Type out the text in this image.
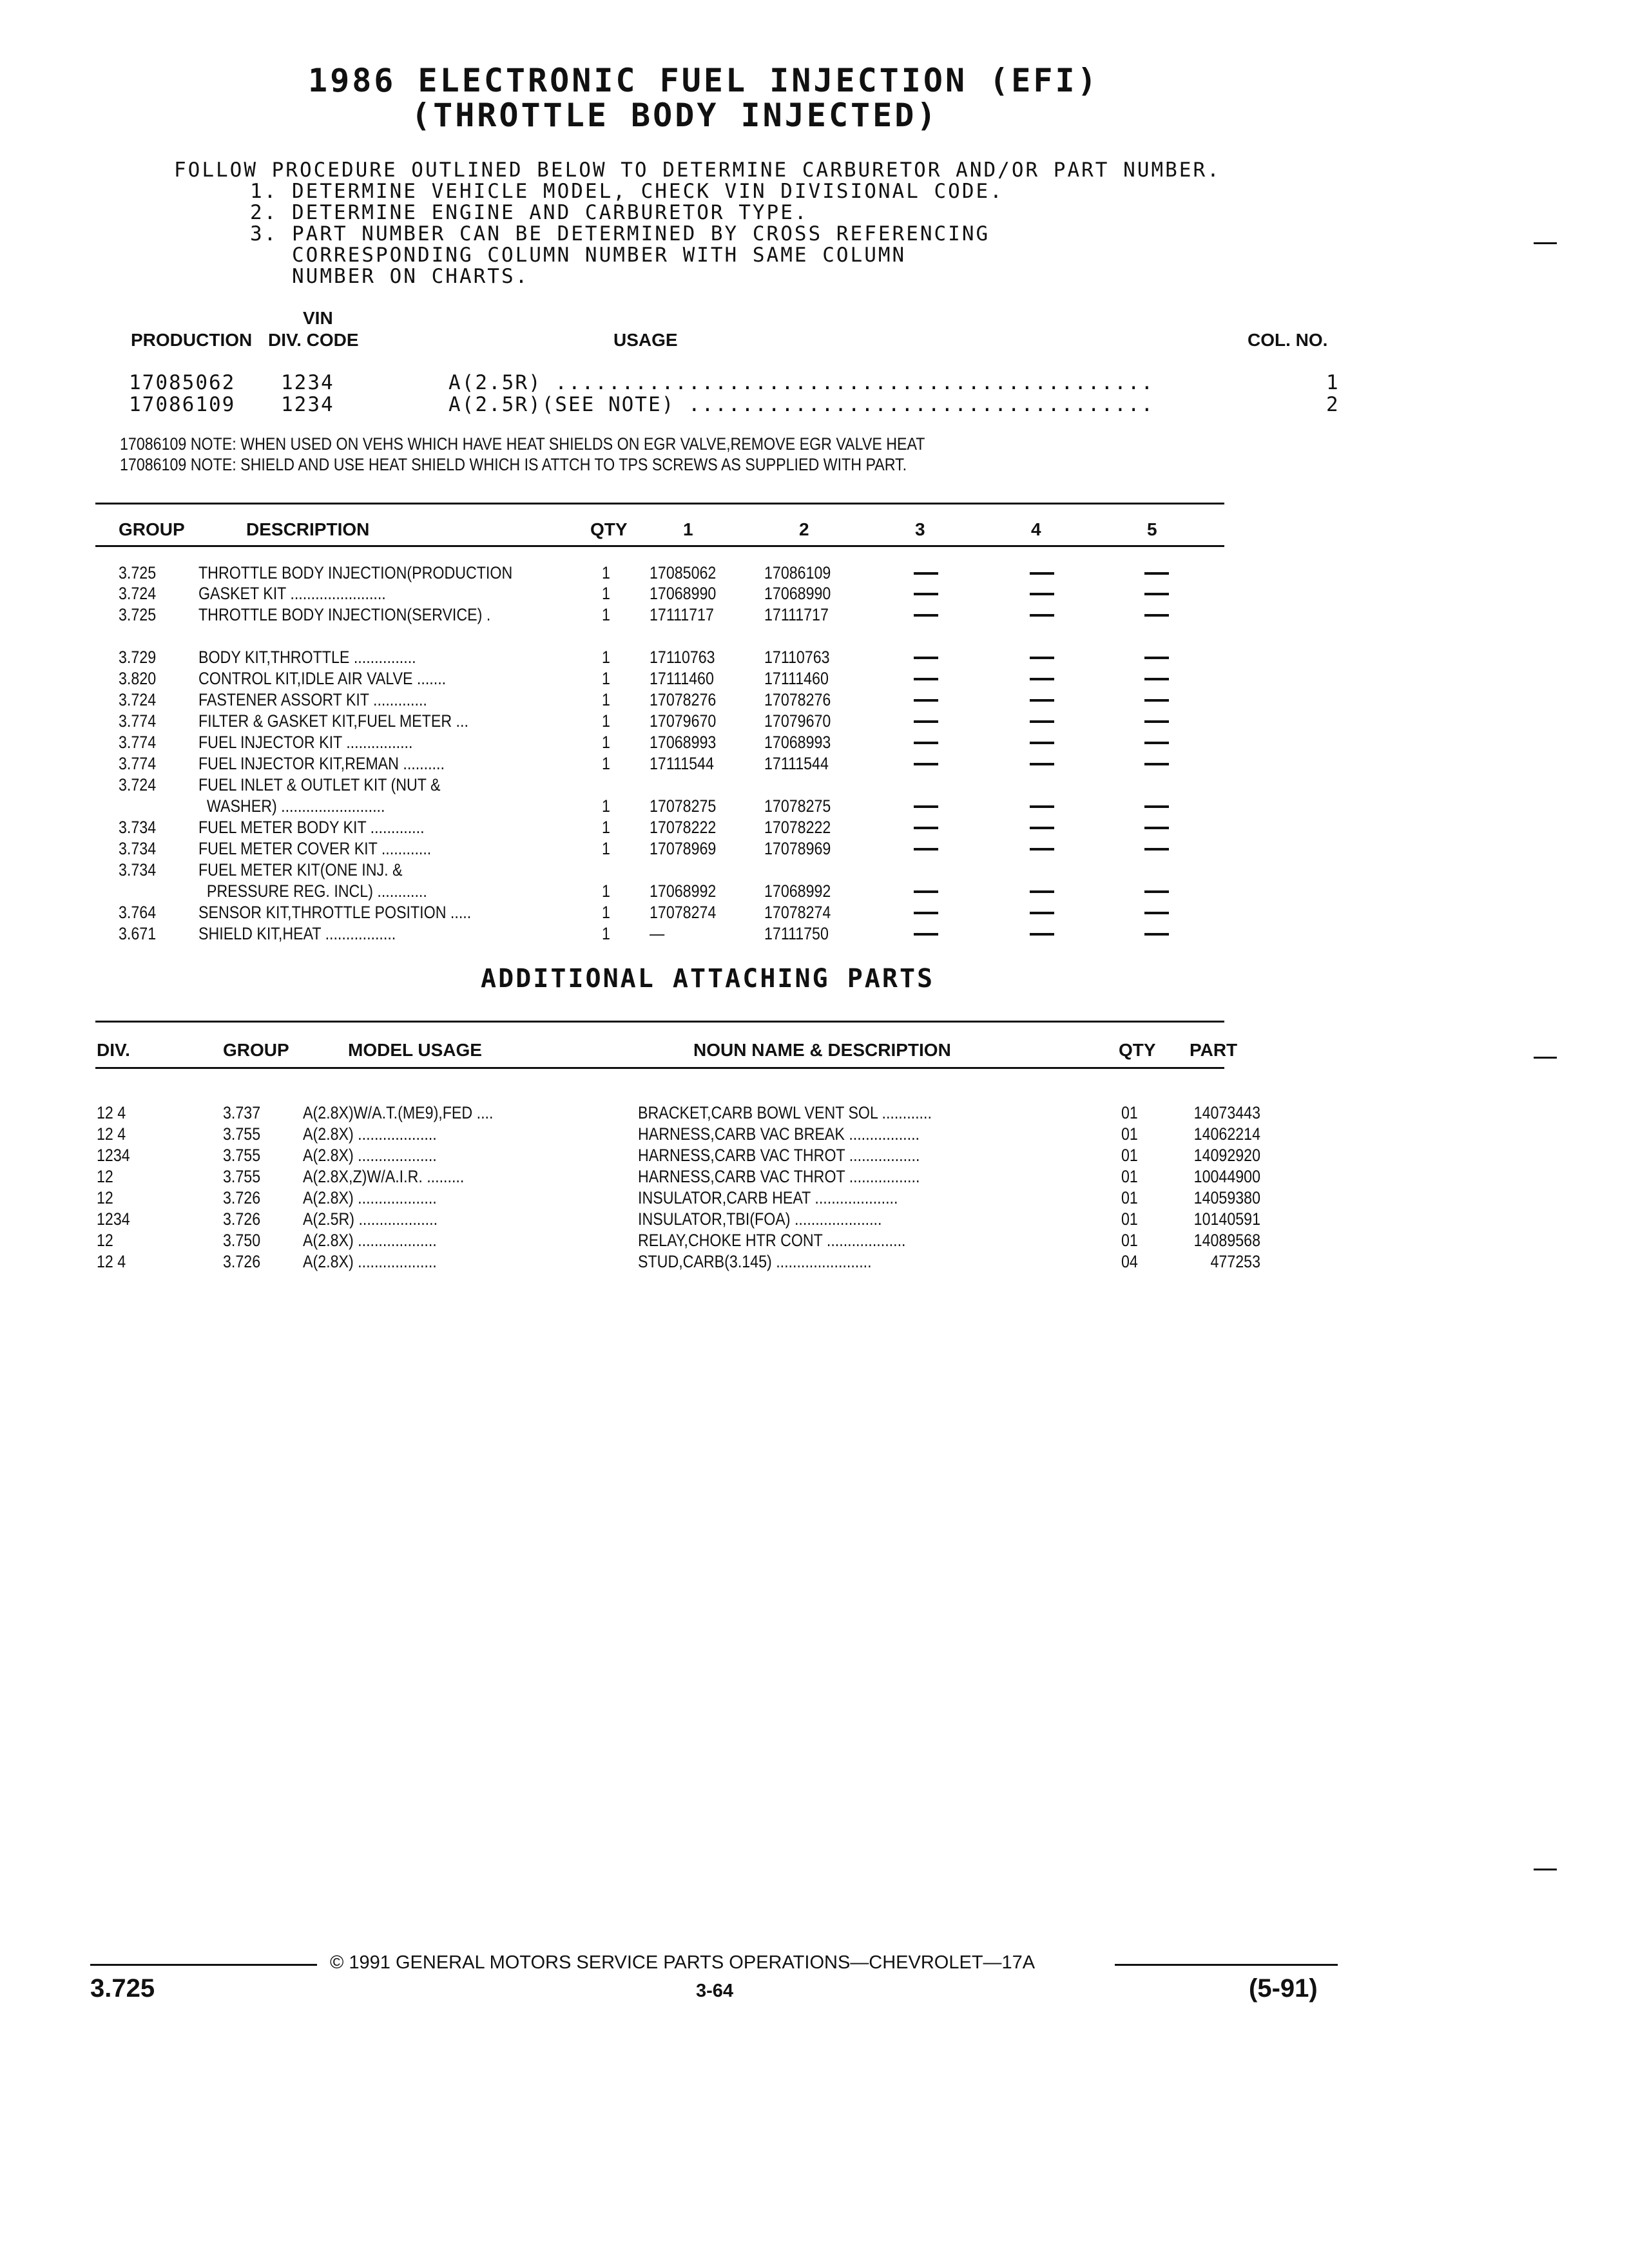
1986 ELECTRONIC FUEL INJECTION (EFI)
(THROTTLE BODY INJECTED)
FOLLOW PROCEDURE OUTLINED BELOW TO DETERMINE CARBURETOR AND/OR PART NUMBER.
1. DETERMINE VEHICLE MODEL, CHECK VIN DIVISIONAL CODE.
2. DETERMINE ENGINE AND CARBURETOR TYPE.
3. PART NUMBER CAN BE DETERMINED BY CROSS REFERENCING
CORRESPONDING COLUMN NUMBER WITH SAME COLUMN
NUMBER ON CHARTS.
VIN
PRODUCTION DIV. CODE	USAGE	COL. NO.
17085062 1234	A(2.5R) .............................................	1
17086109 1234	A(2.5R)(SEE NOTE) ...................................	2
17086109 NOTE: WHEN USED ON VEHS WHICH HAVE HEAT SHIELDS ON EGR VALVE,REMOVE EGR VALVE HEAT
17086109 NOTE: SHIELD AND USE HEAT SHIELD WHICH IS ATTCH TO TPS SCREWS AS SUPPLIED WITH PART.
GROUP	DESCRIPTION	QTY	1	2	3	4	5
3.725 THROTTLE BODY INJECTION(PRODUCTION	1 17085062	17086109
3.724 GASKET KIT .......................	1 17068990	17068990
3.725 THROTTLE BODY INJECTION(SERVICE) .	1 17111717	17111717
3.729 BODY KIT,THROTTLE ...............	1 17110763	17110763
3.820 CONTROL KIT,IDLE AIR VALVE .......	1 17111460	17111460
3.724 FASTENER ASSORT KIT .............	1 17078276	17078276
3.774 FILTER & GASKET KIT,FUEL METER ...	1 17079670	17079670
3.774 FUEL INJECTOR KIT ................	1 17068993	17068993
3.774 FUEL INJECTOR KIT,REMAN ..........	1 17111544	17111544
3.724 FUEL INLET & OUTLET KIT (NUT &
WASHER) .........................	1 17078275	17078275
3.734 FUEL METER BODY KIT .............	1 17078222	17078222
3.734 FUEL METER COVER KIT ............	1 17078969	17078969
3.734 FUEL METER KIT(ONE INJ. &
PRESSURE REG. INCL) ............	1 17068992	17068992
3.764 SENSOR KIT,THROTTLE POSITION .....	1 17078274	17078274
3.671 SHIELD KIT,HEAT .................	1 —	17111750
ADDITIONAL ATTACHING PARTS
DIV.	GROUP	MODEL USAGE	NOUN NAME & DESCRIPTION	QTY PART
12 4	3.737 A(2.8X)W/A.T.(ME9),FED ....	BRACKET,CARB BOWL VENT SOL ............	01	14073443
12 4	3.755 A(2.8X) ...................	HARNESS,CARB VAC BREAK .................	01	14062214
1234	3.755 A(2.8X) ...................	HARNESS,CARB VAC THROT .................	01	14092920
12	3.755 A(2.8X,Z)W/A.I.R. .........	HARNESS,CARB VAC THROT .................	01	10044900
12	3.726 A(2.8X) ...................	INSULATOR,CARB HEAT ....................	01	14059380
1234	3.726 A(2.5R) ...................	INSULATOR,TBI(FOA) .....................	01	10140591
12	3.750 A(2.8X) ...................	RELAY,CHOKE HTR CONT ...................	01	14089568
12 4	3.726 A(2.8X) ...................	STUD,CARB(3.145) .......................	04	477253
© 1991 GENERAL MOTORS SERVICE PARTS OPERATIONS—CHEVROLET—17A
3.725	3-64	(5-91)
